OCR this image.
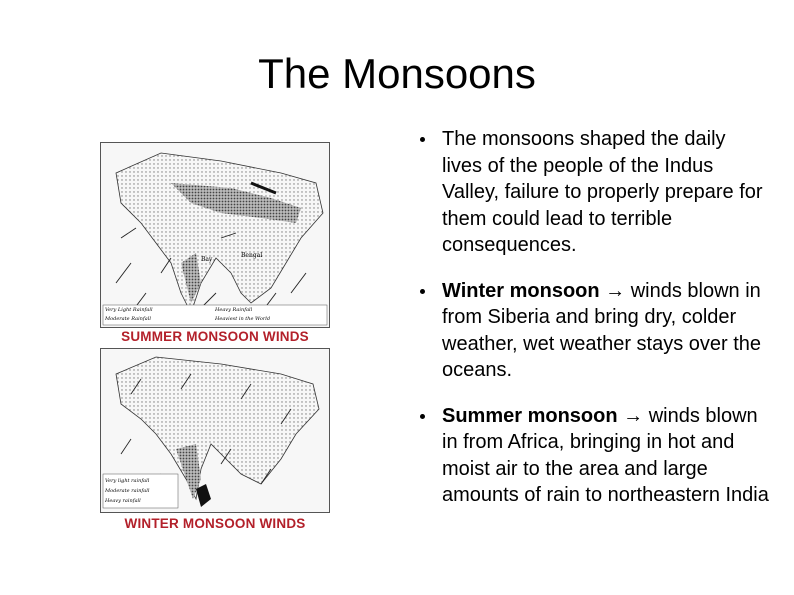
The Monsoons
Bay
Bengal
Very Light Rainfall	Heavy Rainfall
Moderate Rainfall	Heaviest in the World
SUMMER MONSOON WINDS
Very light rainfall
Moderate rainfall
Heavy rainfall
WINTER MONSOON WINDS
The monsoons shaped the daily lives of the people of the Indus Valley, failure to properly prepare for them could lead to terrible consequences.
Winter monsoon → winds blown in from Siberia and bring dry, colder weather, wet weather stays over the oceans.
Summer monsoon → winds blown in from Africa, bringing in hot and moist air to the area and large amounts of rain to northeastern India
